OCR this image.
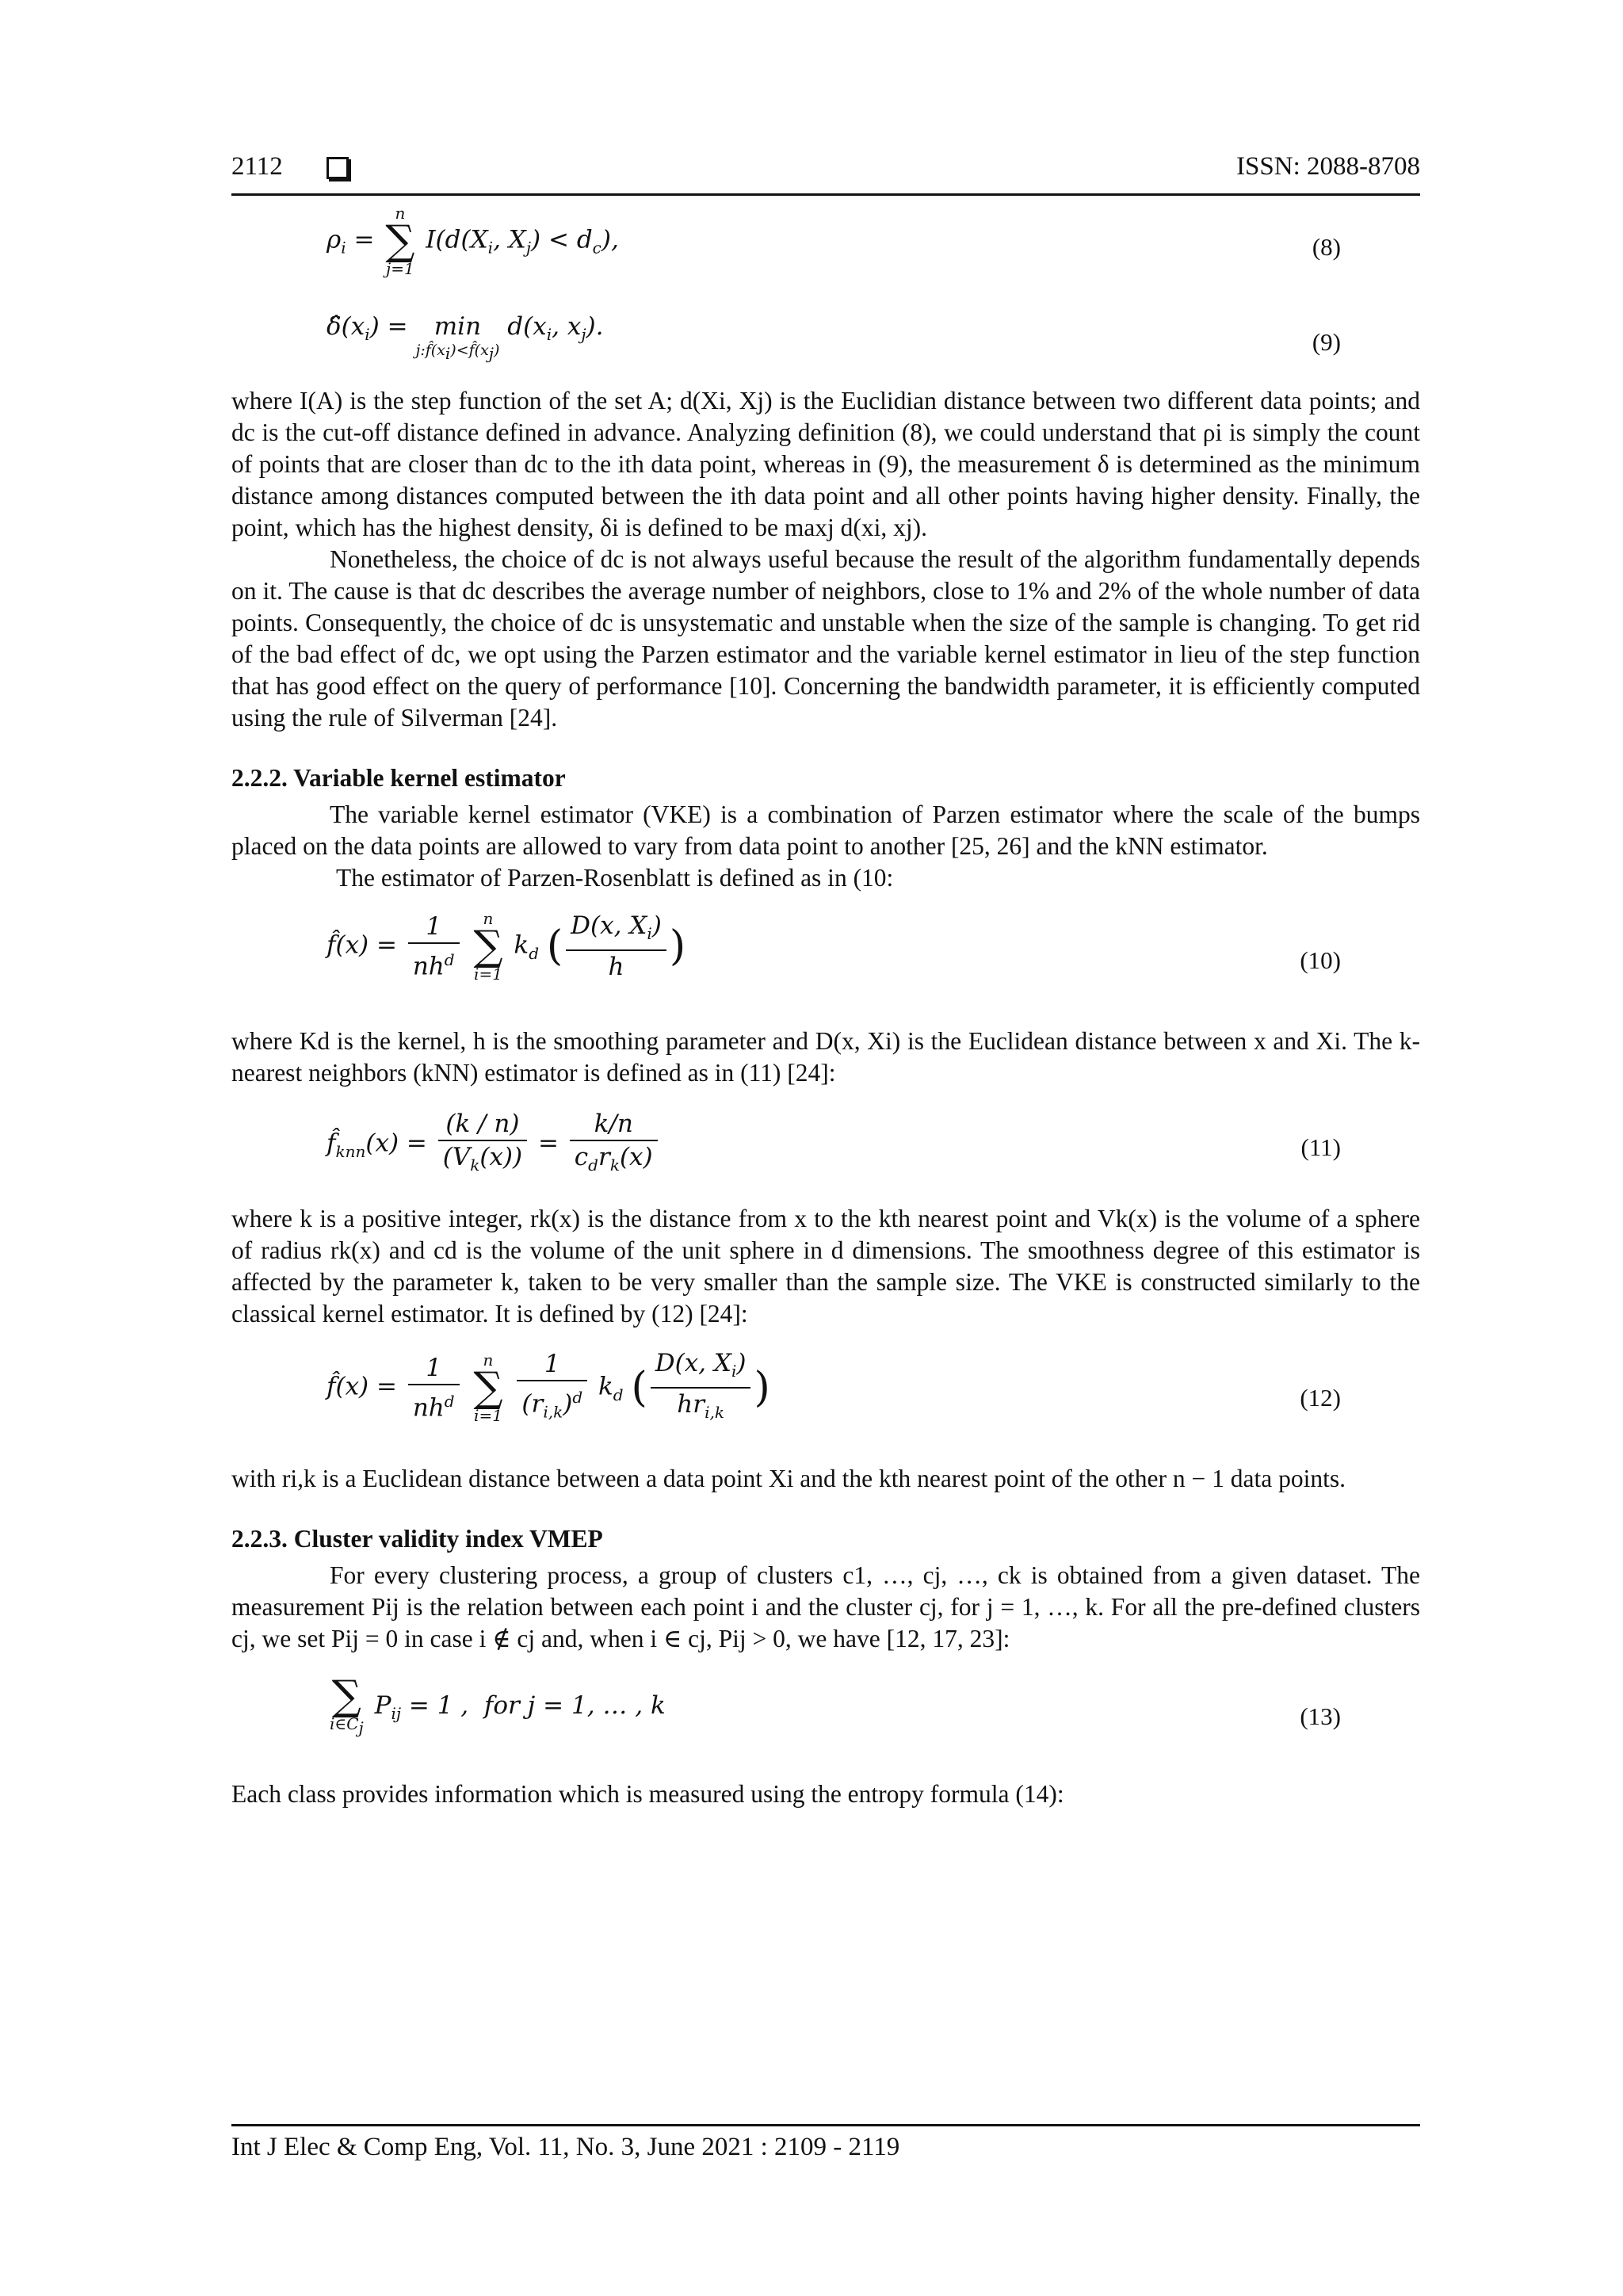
2112	ISSN: 2088-8708
$\rho_i$ =
n
∑
j=1
$I(d(X_i$, $X_j) < d_c$),	(8)
$\deltâ(x_i) = \min$
$j:f̂(x_i)<f̂(x_j)$
$d(x_i$, $x_j$).
(9)

where I(A) is the step function of the set A; d(Xi, Xj) is the Euclidian distance between two different data points; and dc is the cut-off distance defined in advance. Analyzing definition (8), we could understand that ρi is simply the count of points that are closer than dc to the ith data point, whereas in (9), the measurement δ is determined as the minimum distance among distances computed between the ith data point and all other points having higher density. Finally, the point, which has the highest density, δi is defined to be maxj d(xi, xj).

Nonetheless, the choice of dc is not always useful because the result of the algorithm fundamentally depends on it. The cause is that dc describes the average number of neighbors, close to 1% and 2% of the whole number of data points. Consequently, the choice of dc is unsystematic and unstable when the size of the sample is changing. To get rid of the bad effect of dc, we opt using the Parzen estimator and the variable kernel estimator in lieu of the step function that has good effect on the query of performance [10]. Concerning the bandwidth parameter, it is efficiently computed using the rule of Silverman [24].

2.2.2. Variable kernel estimator

The variable kernel estimator (VKE) is a combination of Parzen estimator where the scale of the bumps placed on the data points are allowed to vary from data point to another [25, 26] and the kNN estimator.

The estimator of Parzen-Rosenblatt is defined as in (10:

f̂(x) = $\frac{1}{nh^d}$
	n
∑
i=1
$k_d$ ( $\frac{D(x, X_i)}{h}$ )	(10)

where Kd is the kernel, h is the smoothing parameter and D(x, Xi) is the Euclidean distance between x and Xi. The k-nearest neighbors (kNN) estimator is defined as in (11) [24]:

$f̂_{knn}(x) = \frac{(k / n)}{(V_k(x))} = \frac{k/n}{c_dr_k(x)}$	(11)

where k is a positive integer, rk(x) is the distance from x to the kth nearest point and Vk(x) is the volume of a sphere of radius rk(x) and cd is the volume of the unit sphere in d dimensions. The smoothness degree of this estimator is affected by the parameter k, taken to be very smaller than the sample size. The VKE is constructed similarly to the classical kernel estimator. It is defined by (12) [24]:

f̂(x) = $\frac{1}{nh^d}$
	n
∑
i=1
$\frac{1}{(r_{i,k})^d} k_d$ ( $\frac{D(x, X_i)}{hr_{i,k}}$ )	(12)

with ri,k is a Euclidean distance between a data point Xi and the kth nearest point of the other n − 1 data points.

2.2.3. Cluster validity index VMEP

For every clustering process, a group of clusters c1, …, cj, …, ck is obtained from a given dataset. The measurement Pij is the relation between each point i and the cluster cj, for j = 1, …, k. For all the pre-defined clusters cj, we set Pij = 0 in case i ∉ cj and, when i ∈ cj, Pij > 0, we have [12, 17, 23]:

∑
$i\in C_j$
$P_{ij} = 1$ ,  for j = 1, … , k	(13)

Each class provides information which is measured using the entropy formula (14):

Int J Elec & Comp Eng, Vol. 11, No. 3, June 2021 : 2109 - 2119
